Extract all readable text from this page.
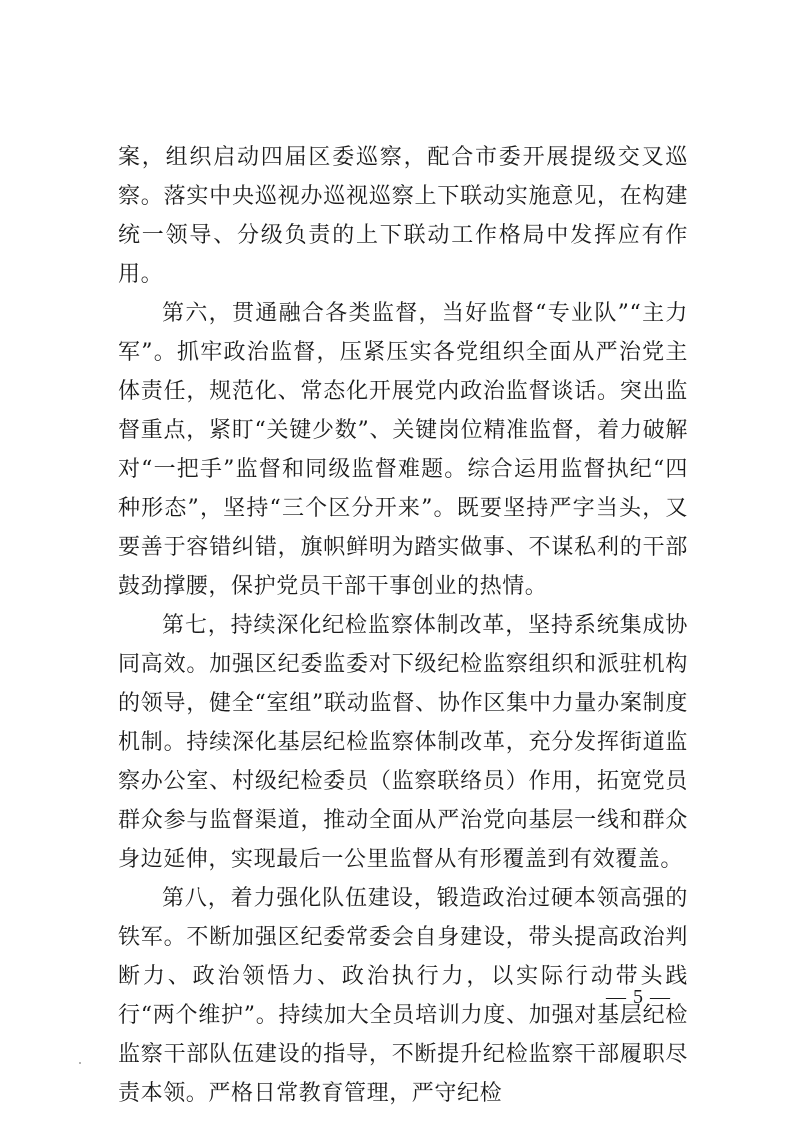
案，组织启动四届区委巡察，配合市委开展提级交叉巡察。落实中央巡视办巡视巡察上下联动实施意见，在构建统一领导、分级负责的上下联动工作格局中发挥应有作用。

第六，贯通融合各类监督，当好监督“专业队”“主力军”。抓牢政治监督，压紧压实各党组织全面从严治党主体责任，规范化、常态化开展党内政治监督谈话。突出监督重点，紧盯“关键少数”、关键岗位精准监督，着力破解对“一把手”监督和同级监督难题。综合运用监督执纪“四种形态”，坚持“三个区分开来”。既要坚持严字当头，又要善于容错纠错，旗帜鲜明为踏实做事、不谋私利的干部鼓劲撑腰，保护党员干部干事创业的热情。

第七，持续深化纪检监察体制改革，坚持系统集成协同高效。加强区纪委监委对下级纪检监察组织和派驻机构的领导，健全“室组”联动监督、协作区集中力量办案制度机制。持续深化基层纪检监察体制改革，充分发挥街道监察办公室、村级纪检委员（监察联络员）作用，拓宽党员群众参与监督渠道，推动全面从严治党向基层一线和群众身边延伸，实现最后一公里监督从有形覆盖到有效覆盖。

第八，着力强化队伍建设，锻造政治过硬本领高强的铁军。不断加强区纪委常委会自身建设，带头提高政治判断力、政治领悟力、政治执行力，以实际行动带头践行“两个维护”。持续加大全员培训力度、加强对基层纪检监察干部队伍建设的指导，不断提升纪检监察干部履职尽责本领。严格日常教育管理，严守纪检

— 5 —
